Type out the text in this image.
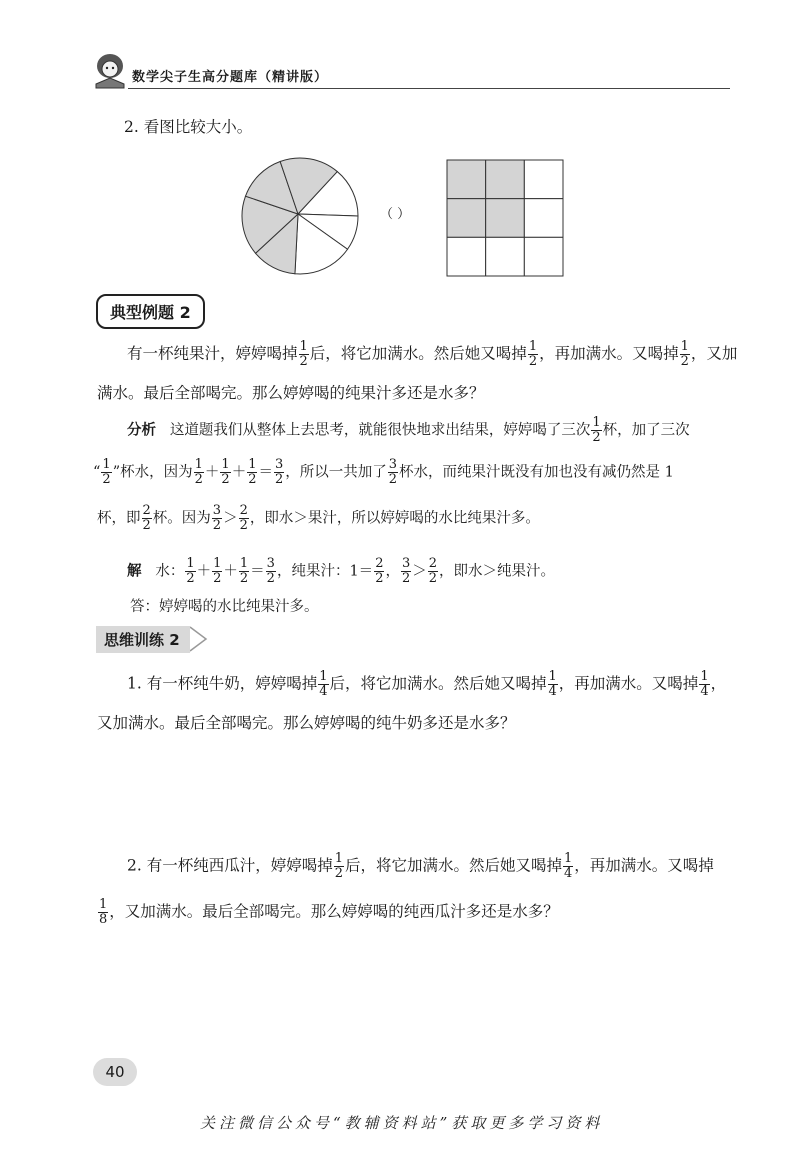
数学尖子生高分题库（精讲版）
2. 看图比较大小。
（ ）
典型例题 2
有一杯纯果汁，婷婷喝掉 $\frac{1}{2}$ 后，将它加满水。然后她又喝掉 $\frac{1}{2}$ ，再加满水。又喝掉 $\frac{1}{2}$ ，又加
满水。最后全部喝完。那么婷婷喝的纯果汁多还是水多？
分析 这道题我们从整体上去思考，就能很快地求出结果，婷婷喝了三次 $\frac{1}{2}$ 杯，加了三次
“ $\frac{1}{2}$ ”杯水，因为 $\frac{1}{2} + \frac{1}{2} + \frac{1}{2} = \frac{3}{2}$ ，所以一共加了 $\frac{3}{2}$ 杯水，而纯果汁既没有加也没有减仍然是 1
杯，即 $\frac{2}{2}$ 杯。因为 $\frac{3}{2} > \frac{2}{2}$ ，即水＞果汁，所以婷婷喝的水比纯果汁多。
解 水： $\frac{1}{2} + \frac{1}{2} + \frac{1}{2} = \frac{3}{2}$ ，纯果汁：$1= \frac{2}{2}$ ， $\frac{3}{2} > \frac{2}{2}$ ，即水＞纯果汁。
答：婷婷喝的水比纯果汁多。
思维训练 2
1. 有一杯纯牛奶，婷婷喝掉 $\frac{1}{4}$ 后，将它加满水。然后她又喝掉 $\frac{1}{4}$ ，再加满水。又喝掉 $\frac{1}{4}$ ，
又加满水。最后全部喝完。那么婷婷喝的纯牛奶多还是水多？
2. 有一杯纯西瓜汁，婷婷喝掉 $\frac{1}{2}$ 后，将它加满水。然后她又喝掉 $\frac{1}{4}$ ，再加满水。又喝掉
$\frac{1}{8}$ ，又加满水。最后全部喝完。那么婷婷喝的纯西瓜汁多还是水多？
40
关注微信公众号“教辅资料站”获取更多学习资料
